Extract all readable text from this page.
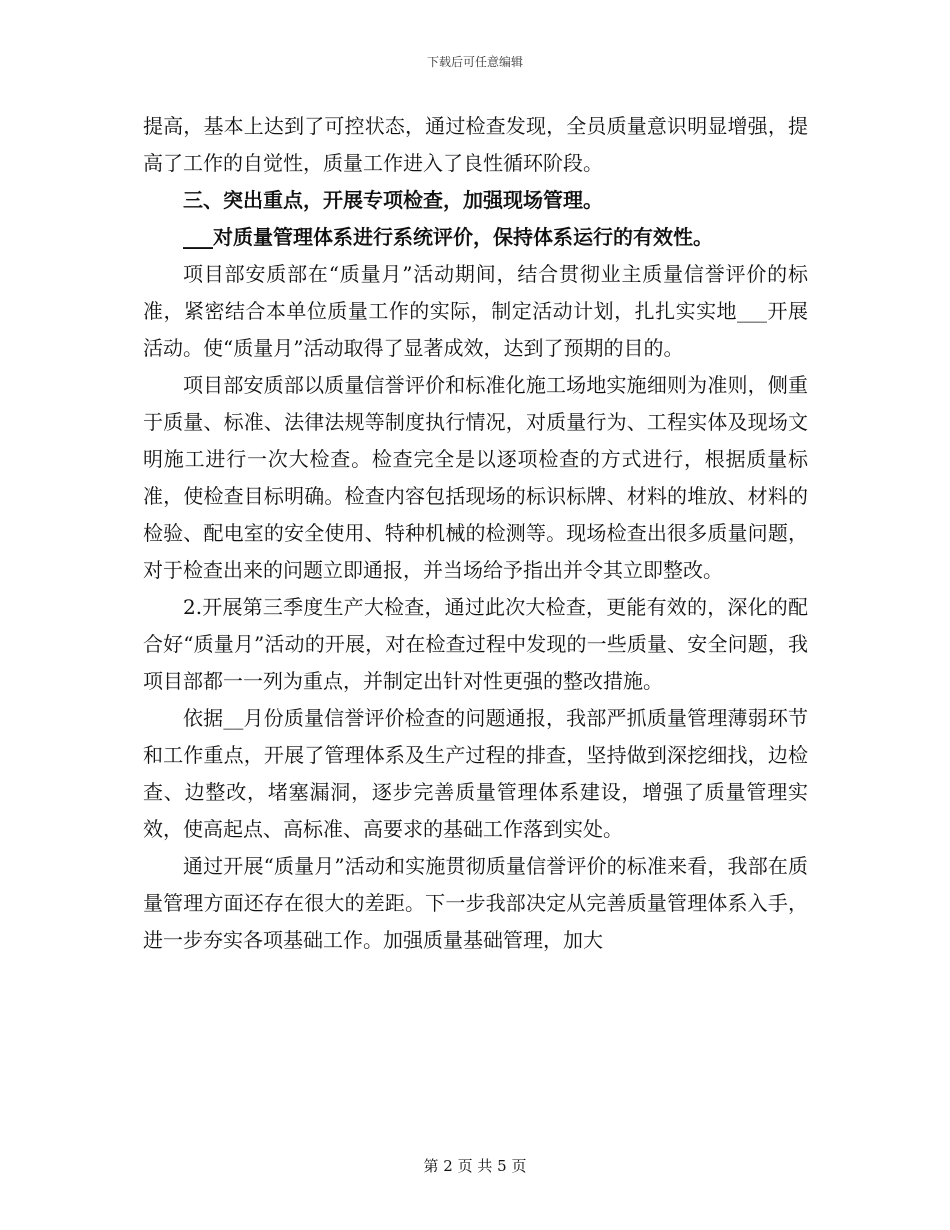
下载后可任意编辑

提高，基本上达到了可控状态，通过检查发现，全员质量意识明显增强，提高了工作的自觉性，质量工作进入了良性循环阶段。

三、突出重点，开展专项检查，加强现场管理。

___对质量管理体系进行系统评价，保持体系运行的有效性。

项目部安质部在“质量月”活动期间，结合贯彻业主质量信誉评价的标准，紧密结合本单位质量工作的实际，制定活动计划，扎扎实实地___开展活动。使“质量月”活动取得了显著成效，达到了预期的目的。

项目部安质部以质量信誉评价和标准化施工场地实施细则为准则，侧重于质量、标准、法律法规等制度执行情况，对质量行为、工程实体及现场文明施工进行一次大检查。检查完全是以逐项检查的方式进行，根据质量标准，使检查目标明确。检查内容包括现场的标识标牌、材料的堆放、材料的检验、配电室的安全使用、特种机械的检测等。现场检查出很多质量问题，对于检查出来的问题立即通报，并当场给予指出并令其立即整改。

2.开展第三季度生产大检查，通过此次大检查，更能有效的，深化的配合好“质量月”活动的开展，对在检查过程中发现的一些质量、安全问题，我项目部都一一列为重点，并制定出针对性更强的整改措施。

依据__月份质量信誉评价检查的问题通报，我部严抓质量管理薄弱环节和工作重点，开展了管理体系及生产过程的排查，坚持做到深挖细找，边检查、边整改，堵塞漏洞，逐步完善质量管理体系建设，增强了质量管理实效，使高起点、高标准、高要求的基础工作落到实处。

通过开展“质量月”活动和实施贯彻质量信誉评价的标准来看，我部在质量管理方面还存在很大的差距。下一步我部决定从完善质量管理体系入手，进一步夯实各项基础工作。加强质量基础管理，加大

第 2 页 共 5 页
